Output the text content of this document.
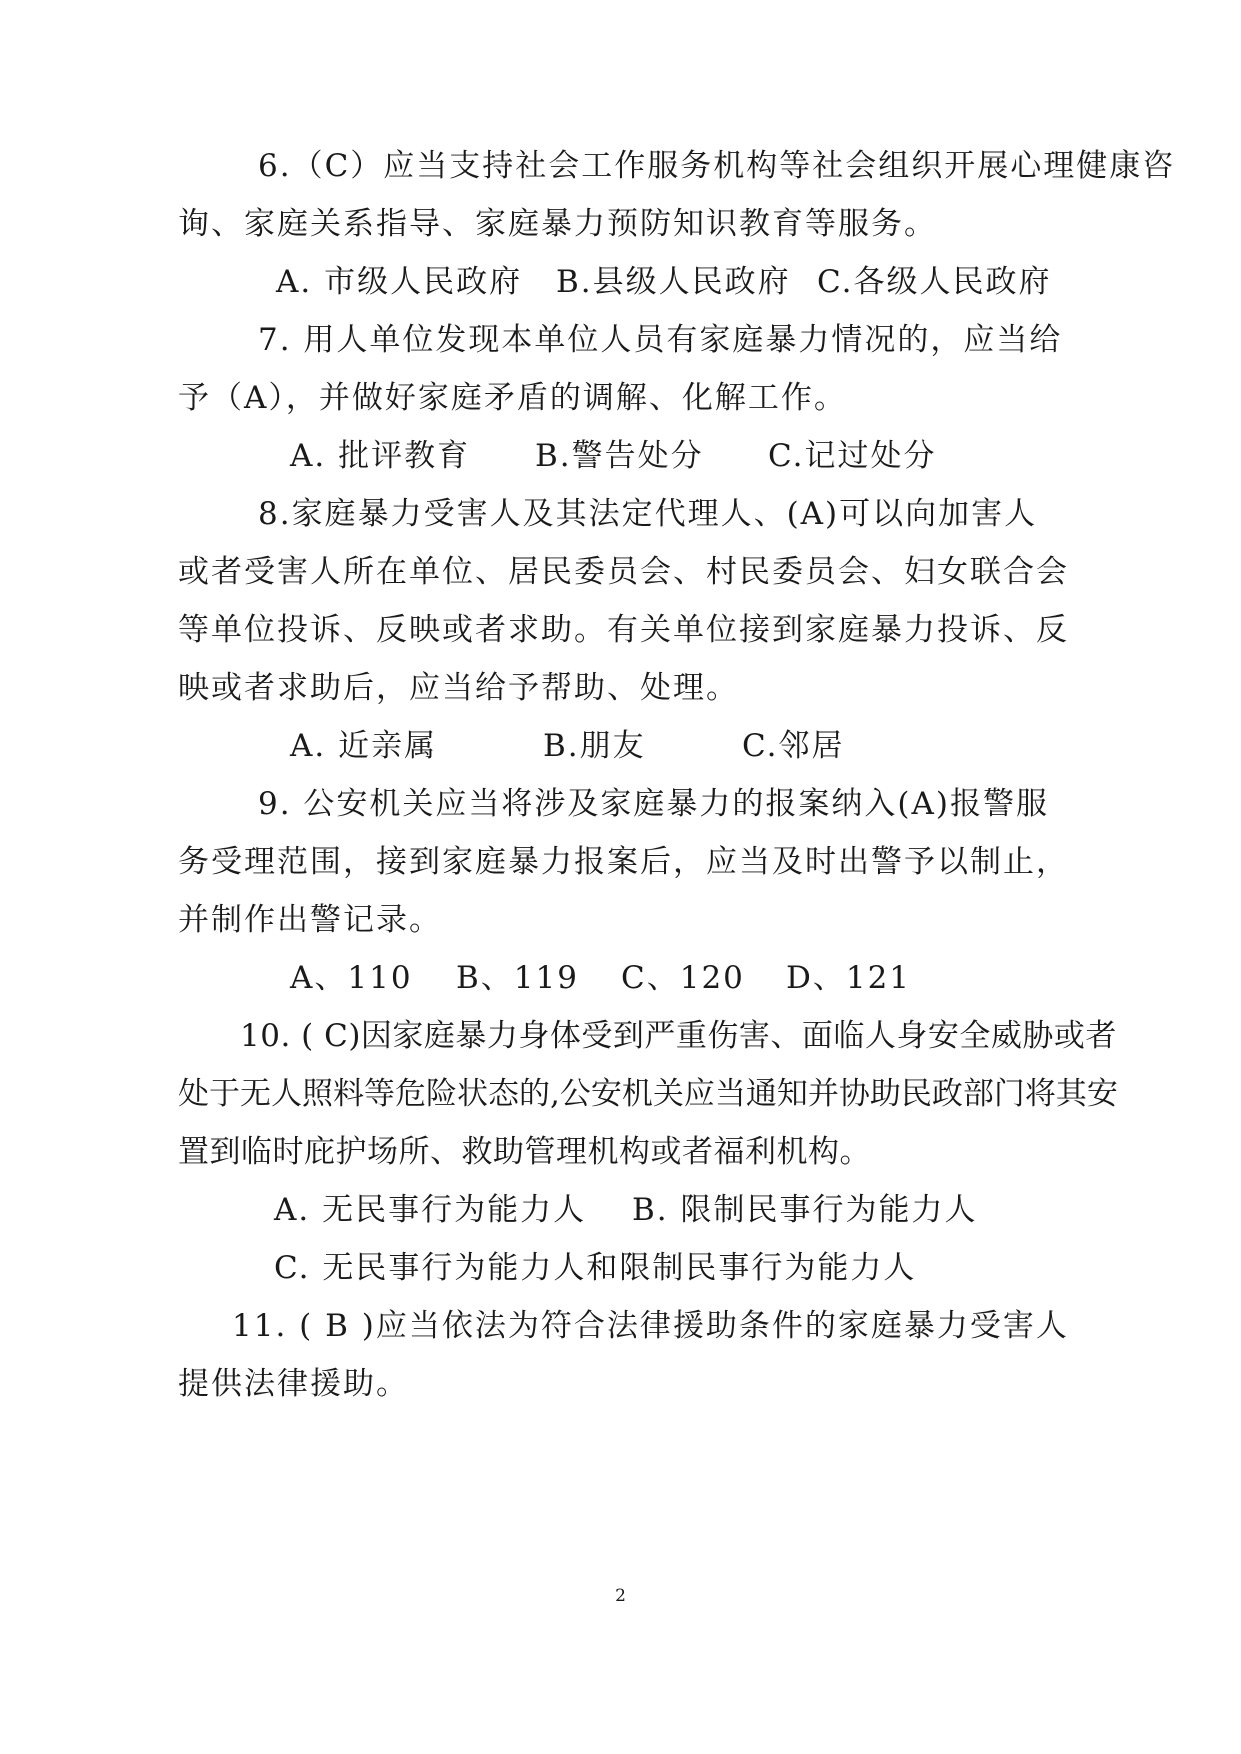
6.（C）应当支持社会工作服务机构等社会组织开展心理健康咨
询、家庭关系指导、家庭暴力预防知识教育等服务。
A. 市级人民政府 B.县级人民政府 C.各级人民政府
7. 用人单位发现本单位人员有家庭暴力情况的，应当给
予（A），并做好家庭矛盾的调解、化解工作。
A. 批评教育 B.警告处分 C.记过处分
8.家庭暴力受害人及其法定代理人、(A)可以向加害人
或者受害人所在单位、居民委员会、村民委员会、妇女联合会
等单位投诉、反映或者求助。有关单位接到家庭暴力投诉、反
映或者求助后，应当给予帮助、处理。
A. 近亲属	B.朋友	C.邻居
9. 公安机关应当将涉及家庭暴力的报案纳入(A)报警服
务受理范围，接到家庭暴力报案后，应当及时出警予以制止，
并制作出警记录。
A、110 B、119 C、120 D、121
10. ( C)因家庭暴力身体受到严重伤害、面临人身安全威胁或者
处于无人照料等危险状态的,公安机关应当通知并协助民政部门将其安
置到临时庇护场所、救助管理机构或者福利机构。
A. 无民事行为能力人 B. 限制民事行为能力人
C. 无民事行为能力人和限制民事行为能力人
11. ( B )应当依法为符合法律援助条件的家庭暴力受害人
提供法律援助。
2
